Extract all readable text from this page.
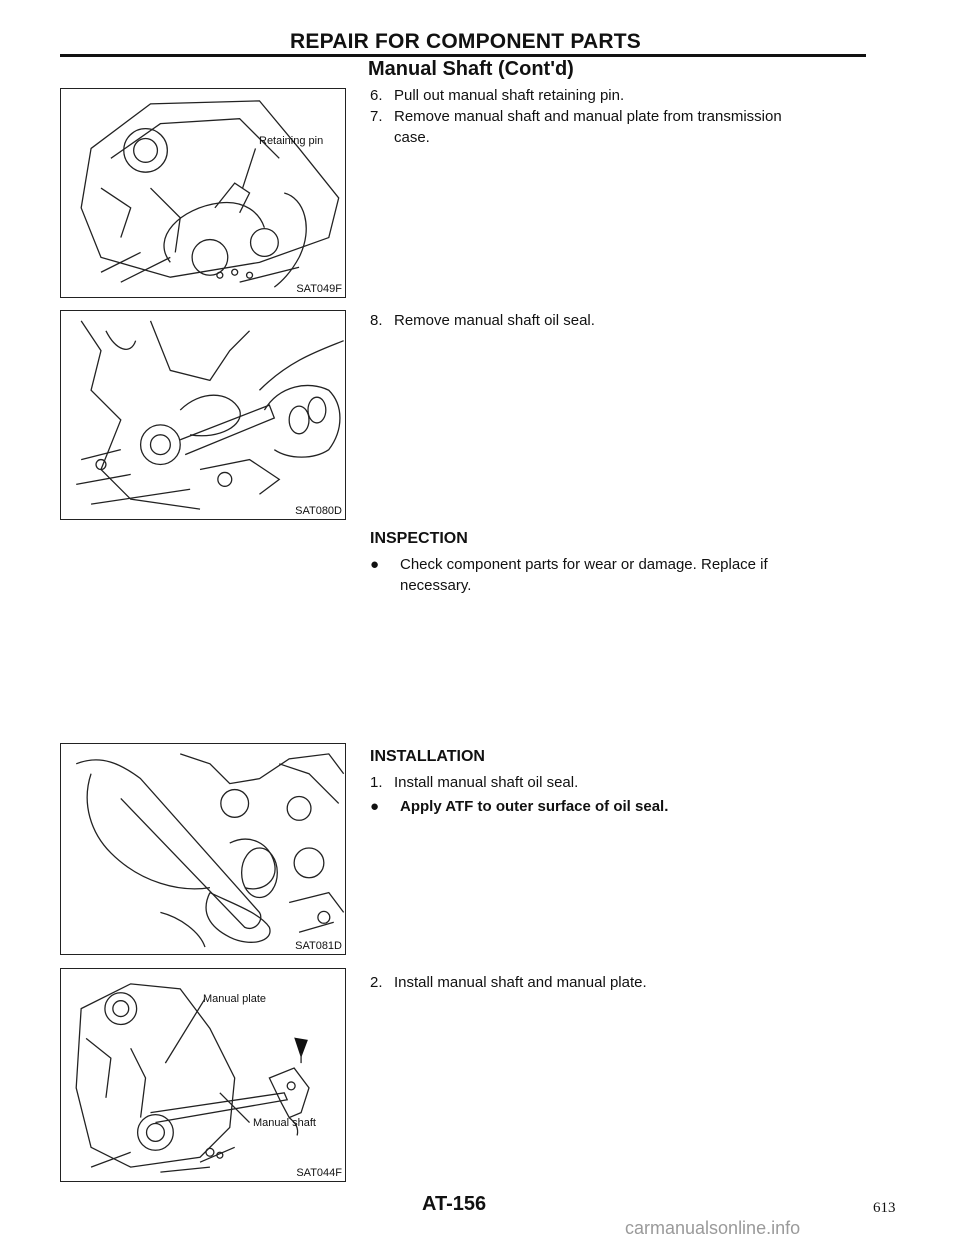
REPAIR FOR COMPONENT PARTS
Manual Shaft (Cont'd)
Retaining pin
SAT049F
SAT080D
SAT081D
Manual plate
Manual shaft
SAT044F
6. Pull out manual shaft retaining pin.
7. Remove manual shaft and manual plate from transmission
case.
8. Remove manual shaft oil seal.
INSPECTION
● Check component parts for wear or damage. Replace if
necessary.
INSTALLATION
1. Install manual shaft oil seal.
● Apply ATF to outer surface of oil seal.
2. Install manual shaft and manual plate.
AT-156	613
carmanualsonline.info
